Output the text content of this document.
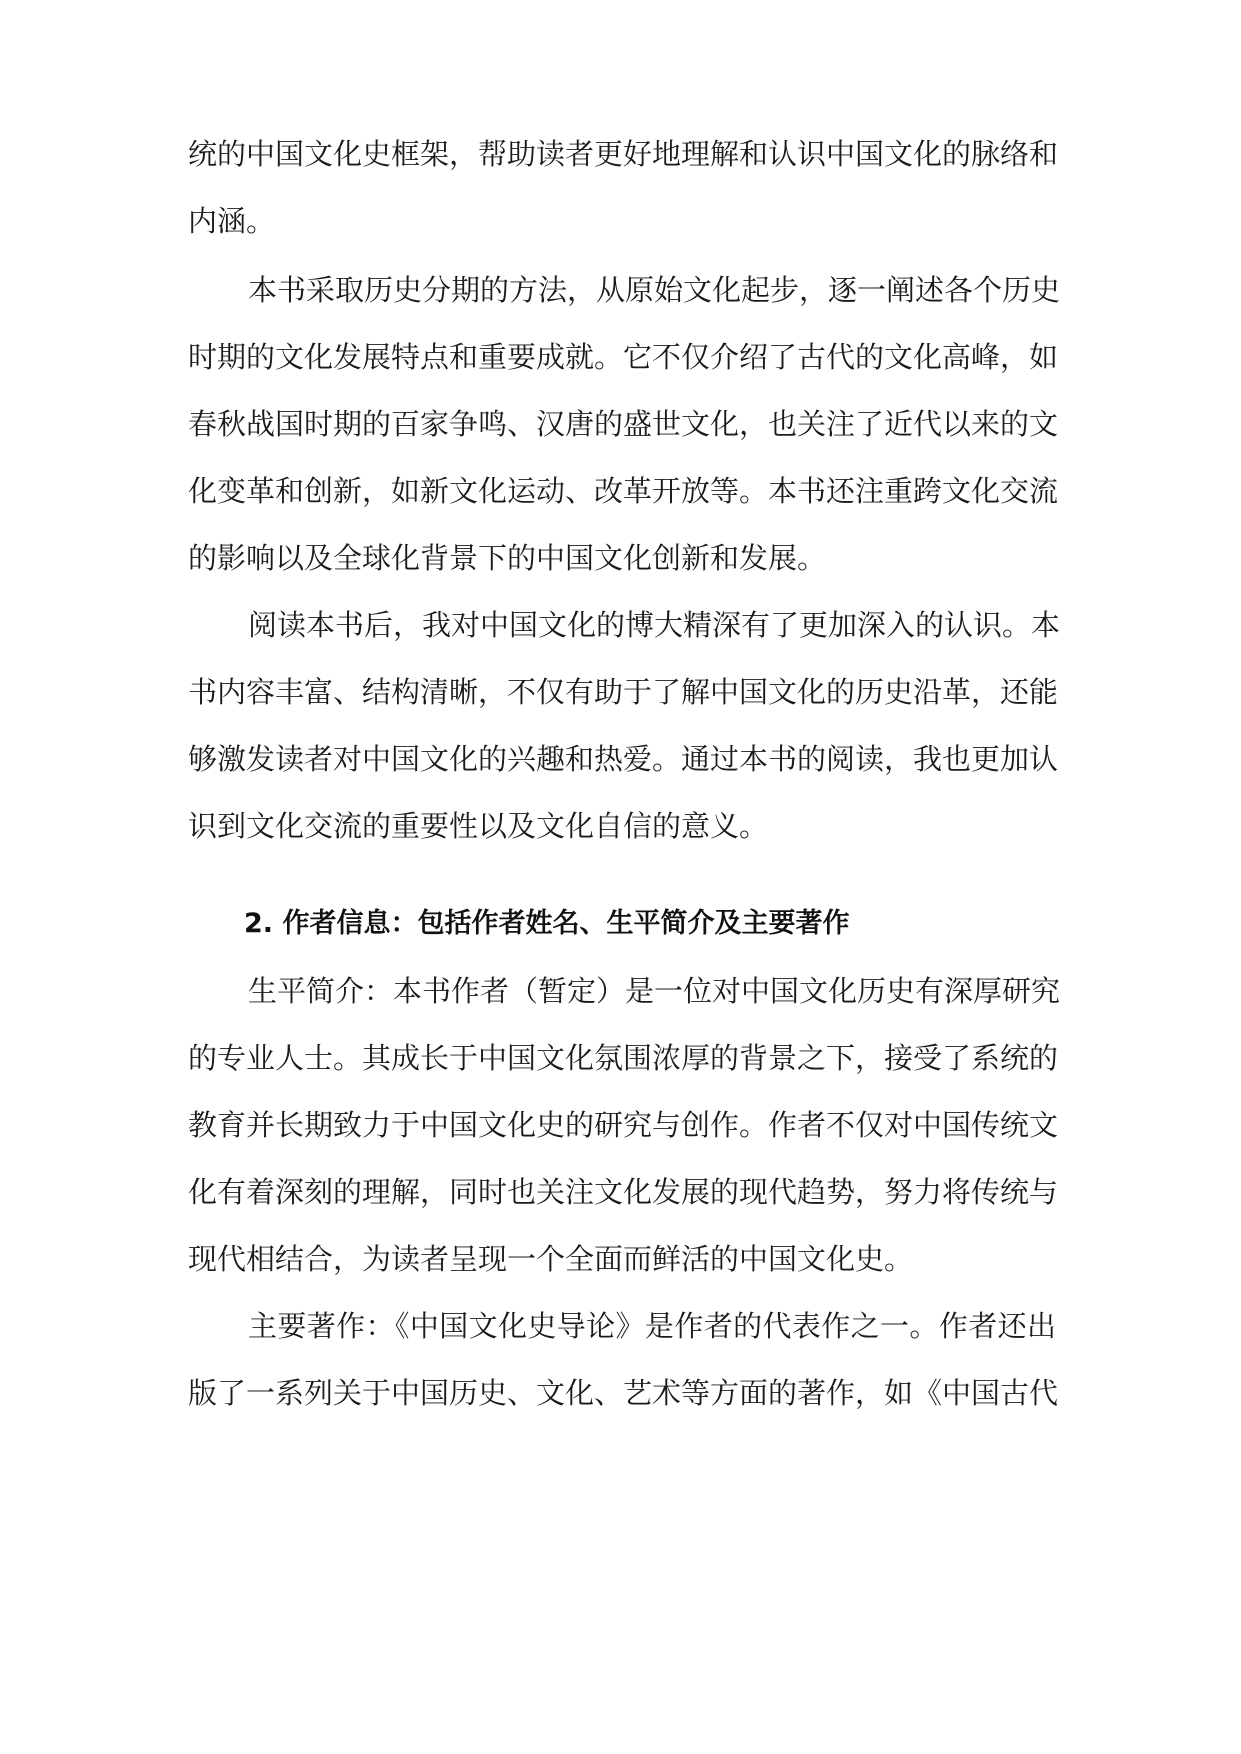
统的中国文化史框架，帮助读者更好地理解和认识中国文化的脉络和
内涵。
本书采取历史分期的方法，从原始文化起步，逐一阐述各个历史
时期的文化发展特点和重要成就。它不仅介绍了古代的文化高峰，如
春秋战国时期的百家争鸣、汉唐的盛世文化，也关注了近代以来的文
化变革和创新，如新文化运动、改革开放等。本书还注重跨文化交流
的影响以及全球化背景下的中国文化创新和发展。
阅读本书后，我对中国文化的博大精深有了更加深入的认识。本
书内容丰富、结构清晰，不仅有助于了解中国文化的历史沿革，还能
够激发读者对中国文化的兴趣和热爱。通过本书的阅读，我也更加认
识到文化交流的重要性以及文化自信的意义。
2. 作者信息：包括作者姓名、生平简介及主要著作
生平简介：本书作者（暂定）是一位对中国文化历史有深厚研究
的专业人士。其成长于中国文化氛围浓厚的背景之下，接受了系统的
教育并长期致力于中国文化史的研究与创作。作者不仅对中国传统文
化有着深刻的理解，同时也关注文化发展的现代趋势，努力将传统与
现代相结合，为读者呈现一个全面而鲜活的中国文化史。
主要著作：《中国文化史导论》是作者的代表作之一。作者还出
版了一系列关于中国历史、文化、艺术等方面的著作，如《中国古代
